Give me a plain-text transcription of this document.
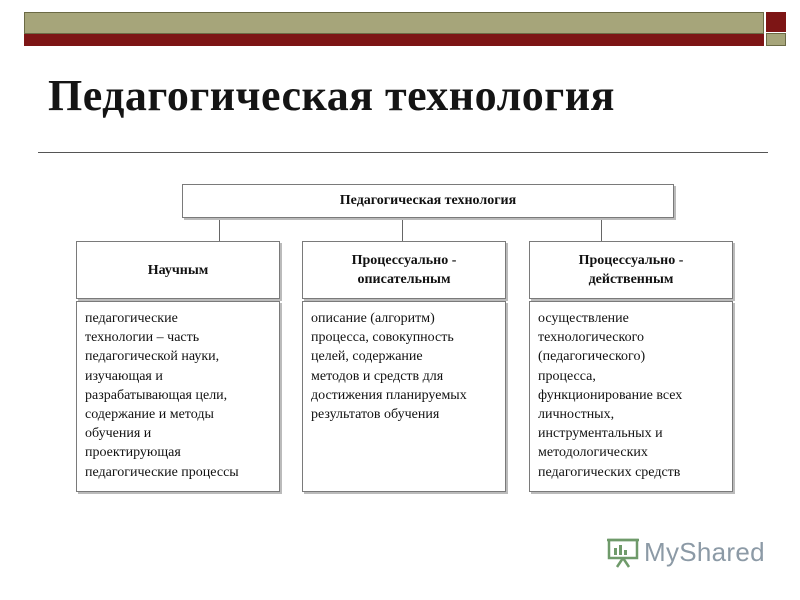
Педагогическая технология
Педагогическая технология
Научным
Процессуально -
описательным
Процессуально -
действенным
педагогические
технологии – часть
педагогической науки,
изучающая и
разрабатывающая цели,
содержание и методы
обучения и
проектирующая
педагогические процессы
описание (алгоритм)
процесса, совокупность
целей, содержание
методов и средств для
достижения планируемых
результатов обучения
осуществление
технологического
(педагогического)
процесса,
функционирование всех
личностных,
инструментальных и
методологических
педагогических средств
MyShared
